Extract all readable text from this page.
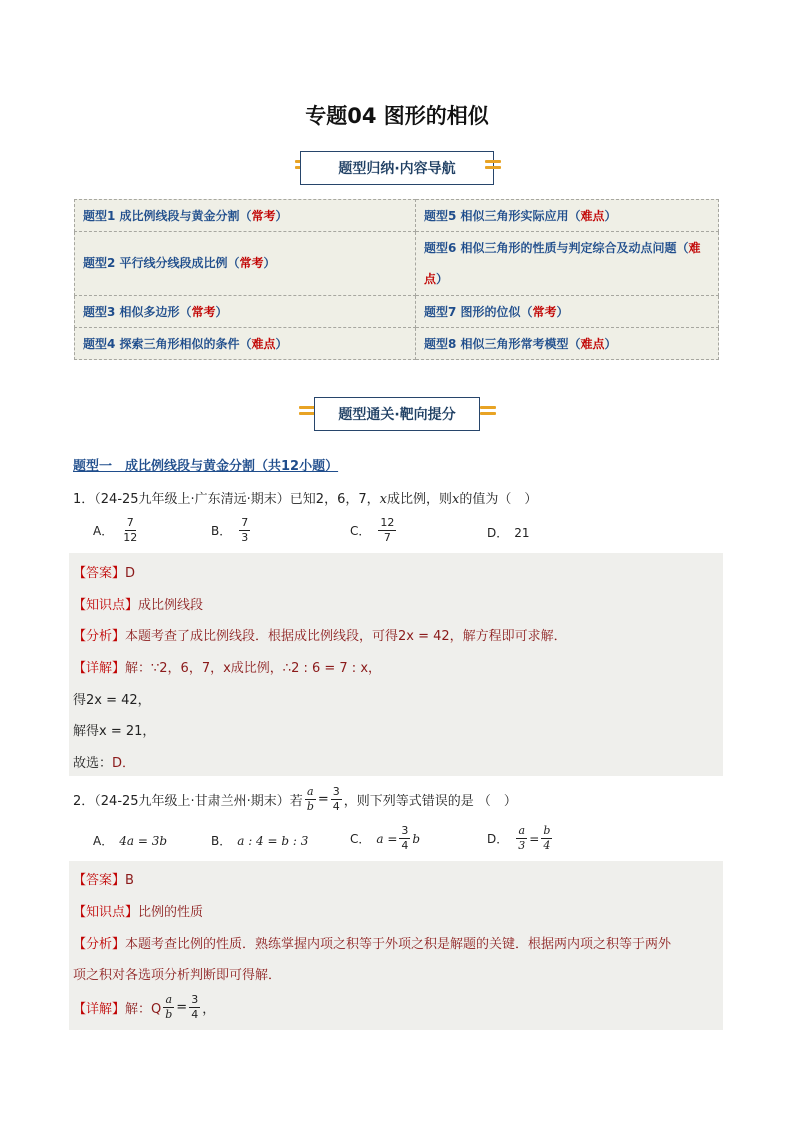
专题04 图形的相似
题型归纳·内容导航
题型1 成比例线段与黄金分割（常考）	题型5 相似三角形实际应用（难点）
题型2 平行线分线段成比例（常考）	题型6 相似三角形的性质与判定综合及动点问题（难点）
题型3 相似多边形（常考）	题型7 图形的位似（常考）
题型4 探索三角形相似的条件（难点）	题型8 相似三角形常考模型（难点）
题型通关·靶向提分
题型一　成比例线段与黄金分割（共12小题）
1．（24-25九年级上·广东清远·期末）已知2，6，7，x成比例，则x的值为（　）
A． $\frac{7}{12}$	B． $\frac{7}{3}$	C． $\frac{12}{7}$	D． 21
【答案】D
【知识点】成比例线段
【分析】本题考查了成比例线段．根据成比例线段，可得2x = 42，解方程即可求解．
【详解】解：∵2，6，7，x成比例，∴2 : 6 = 7 : x，
得2x = 42，
解得x = 21，
故选：D．
2．（24-25九年级上·甘肃兰州·期末）若 $\frac{a}{b} = \frac{3}{4}$ ，则下列等式错误的是 （　）
A． 4a = 3b	B． a : 4 = b : 3	C． $a = \frac{3}{4}$ b	D． $\frac{a}{3} = \frac{b}{4}$
【答案】B
【知识点】比例的性质
【分析】本题考查比例的性质．熟练掌握内项之积等于外项之积是解题的关键．根据两内项之积等于两外
项之积对各选项分析判断即可得解．
【详解】 解：Q $\frac{a}{b} = \frac{3}{4}$ ，
